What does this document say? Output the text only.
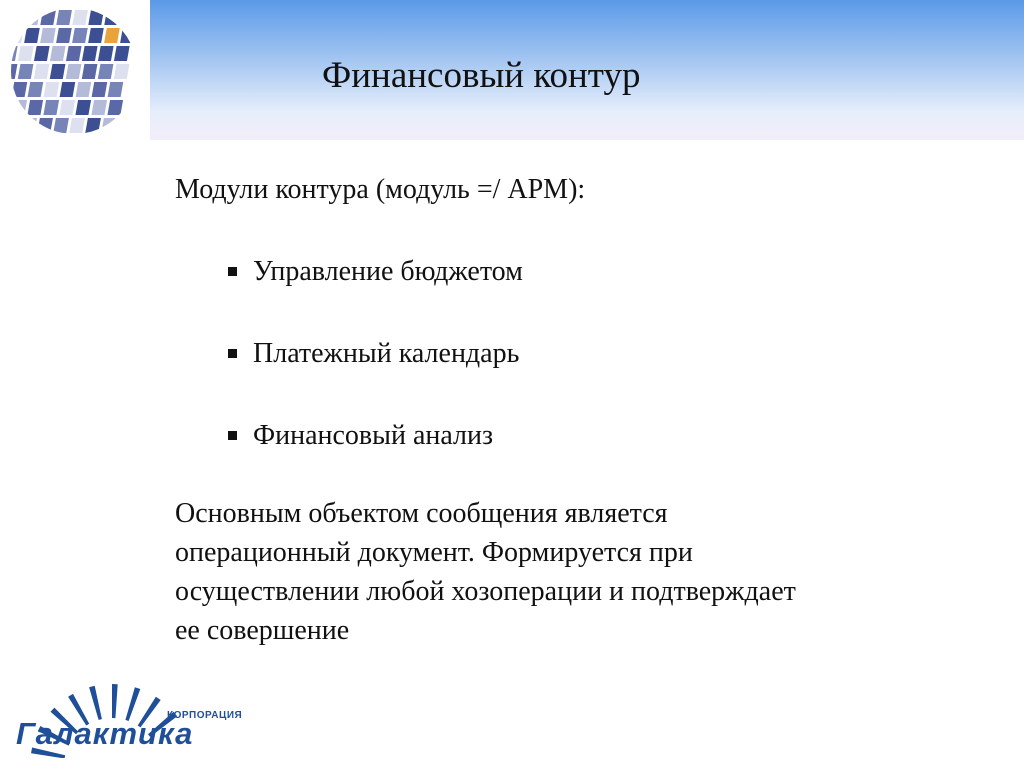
Финансовый контур

Модули контура (модуль =/ АРМ):

Управление бюджетом
Платежный календарь
Финансовый анализ

Основным объектом сообщения является
операционный документ. Формируется при
осуществлении любой хозоперации и подтверждает
ее совершение

КОРПОРАЦИЯ
Галактика
